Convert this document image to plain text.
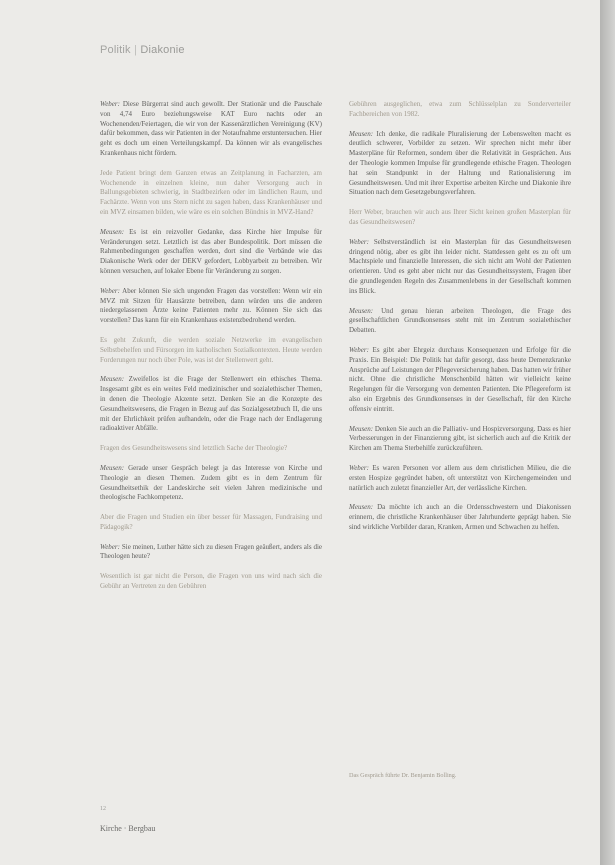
Politik | Diakonie

Weber: Diese Bürgerrat sind auch gewollt. Der Stationär und die Pauschale von 4,74 Euro beziehungsweise KAT Euro nachts oder an Wochenenden/Feiertagen, die wir von der Kassenärztlichen Vereinigung (KV) dafür bekommen, dass wir Patienten in der Notaufnahme erstuntersuchen. Hier geht es doch um einen Verteilungskampf. Da können wir als evangelisches Krankenhaus nicht fördern.

Jede Patient bringt dem Ganzen etwas an Zeitplanung in Facharzten, am Wochenende in einzelnen kleine, nun daher Versorgung auch in Ballungsgebieten schwierig, in Stadtbezirken oder im ländlichen Raum, und Fachärzte. Wenn von uns Stern nicht zu sagen haben, dass Krankenhäuser und ein MVZ einsamen bilden, wie wäre es ein solchen Bündnis in MVZ-Hand?

Meusen: Es ist ein reizvoller Gedanke, dass Kirche hier Impulse für Veränderungen setzt. Letztlich ist das aber Bundespolitik. Dort müssen die Rahmenbedingungen geschaffen werden, dort sind die Verbände wie das Diakonische Werk oder der DEKV gefordert, Lobbyarbeit zu betreiben. Wir können versuchen, auf lokaler Ebene für Veränderung zu sorgen.

Weber: Aber können Sie sich ungenden Fragen das vorstellen: Wenn wir ein MVZ mit Sitzen für Hausärzte betreiben, dann würden uns die anderen niedergelassenen Ärzte keine Patienten mehr zu. Können Sie sich das vorstellen? Das kann für ein Krankenhaus existenzbedrohend werden.

Es geht Zukunft, die werden soziale Netzwerke im evangelischen Selbstbehelfen und Fürsorgen im katholischen Sozialkontexten. Heute werden Forderungen nur noch über Pole, was ist der Stellenwert geht.

Meusen: Zweifellos ist die Frage der Stellenwert ein ethisches Thema. Insgesamt gibt es ein weites Feld medizinischer und sozialethischer Themen, in denen die Theologie Akzente setzt. Denken Sie an die Konzepte des Gesundheitswesens, die Fragen in Bezug auf das Sozialgesetzbuch II, die uns mit der Ehrlichkeit prüfen aufhandeln, oder die Frage nach der Endlagerung radioaktiver Abfälle.

Fragen des Gesundheitswesens sind letztlich Sache der Theologie?

Meusen: Gerade unser Gespräch belegt ja das Interesse von Kirche und Theologie an diesen Themen. Zudem gibt es in dem Zentrum für Gesundheitsethik der Landeskirche seit vielen Jahren medizinische und theologische Fachkompetenz.

Aber die Fragen und Studien ein über besser für Massagen, Fundraising und Pädagogik?

Weber: Sie meinen, Luther hätte sich zu diesen Fragen geäußert, anders als die Theologen heute?

Wesentlich ist gar nicht die Person, die Fragen von uns wird nach sich die Gebühr an Vertreten zu den Gebühren

Gebühren ausgeglichen, etwa zum Schlüsselplan zu Sonderverteiler Fachbereichen von 1982.

Meusen: Ich denke, die radikale Pluralisierung der Lebenswelten macht es deutlich schwerer, Vorbilder zu setzen. Wir sprechen nicht mehr über Masterpläne für Reformen, sondern über die Relativität in Gesprächen. Aus der Theologie kommen Impulse für grundlegende ethische Fragen. Theologen hat sein Standpunkt in der Haltung und Rationalisierung im Gesundheitswesen. Und mit ihrer Expertise arbeiten Kirche und Diakonie ihre Situation nach dem Gesetzgebungsverfahren.

Herr Weber, brauchen wir auch aus Ihrer Sicht keinen großen Masterplan für das Gesundheitswesen?

Weber: Selbstverständlich ist ein Masterplan für das Gesundheitswesen dringend nötig, aber es gibt ihn leider nicht. Stattdessen geht es zu oft um Machtspiele und finanzielle Interessen, die sich nicht am Wohl der Patienten orientieren. Und es geht aber nicht nur das Gesundheitssystem, Fragen über die grundlegenden Regeln des Zusammenlebens in der Gesellschaft kommen ins Blick.

Meusen: Und genau hieran arbeiten Theologen, die Frage des gesellschaftlichen Grundkonsenses steht mit im Zentrum sozialethischer Debatten.

Weber: Es gibt aber Ehrgeiz durchaus Konsequenzen und Erfolge für die Praxis. Ein Beispiel: Die Politik hat dafür gesorgt, dass heute Demenzkranke Ansprüche auf Leistungen der Pflegeversicherung haben. Das hatten wir früher nicht. Ohne die christliche Menschenbild hätten wir vielleicht keine Regelungen für die Versorgung von dementen Patienten. Die Pflegereform ist also ein Ergebnis des Grundkonsenses in der Gesellschaft, für den Kirche offensiv eintritt.

Meusen: Denken Sie auch an die Palliativ- und Hospizversorgung. Dass es hier Verbesserungen in der Finanzierung gibt, ist sicherlich auch auf die Kritik der Kirchen am Thema Sterbehilfe zurückzuführen.

Weber: Es waren Personen vor allem aus dem christlichen Milieu, die die ersten Hospize gegründet haben, oft unterstützt von Kirchengemeinden und natürlich auch zuletzt finanzieller Art, der verlässliche Kirchen.

Meusen: Da möchte ich auch an die Ordensschwestern und Diakonissen erinnern, die christliche Krankenhäuser über Jahrhunderte geprägt haben. Sie sind wirkliche Vorbilder daran, Kranken, Armen und Schwachen zu helfen.

Das Gespräch führte Dr. Benjamin Bolling.
12
Kirche · Bergbau
